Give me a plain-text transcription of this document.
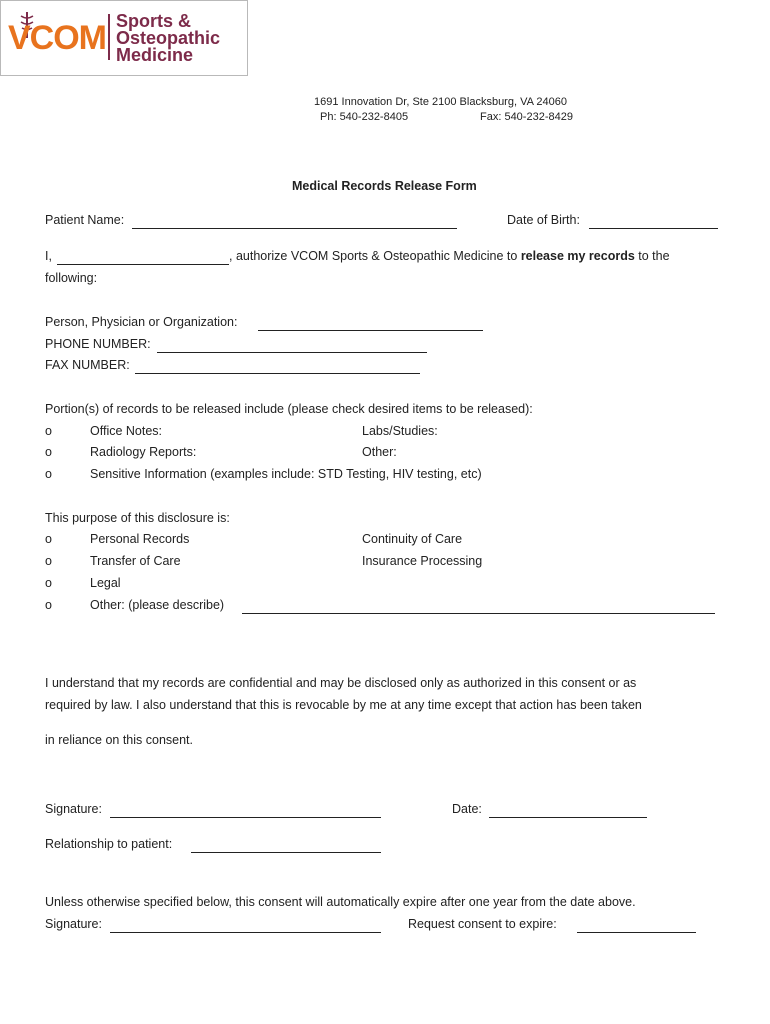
VCOM Sports &
Osteopathic
Medicine
1691 Innovation Dr, Ste 2100 Blacksburg, VA 24060
Ph: 540-232-8405	Fax: 540-232-8429
Medical Records Release Form
Patient Name:	Date of Birth:
I,	, authorize VCOM Sports & Osteopathic Medicine to release my records to the
following:
Person, Physician or Organization:
PHONE NUMBER:
FAX NUMBER:
Portion(s) of records to be released include (please check desired items to be released):
o	Office Notes:	Labs/Studies:
o	Radiology Reports:	Other:
o	Sensitive Information (examples include: STD Testing, HIV testing, etc)
This purpose of this disclosure is:
o	Personal Records	Continuity of Care
o	Transfer of Care	Insurance Processing
o	Legal
o	Other: (please describe)
I understand that my records are confidential and may be disclosed only as authorized in this consent or as
required by law. I also understand that this is revocable by me at any time except that action has been taken
in reliance on this consent.
Signature:	Date:
Relationship to patient:
Unless otherwise specified below, this consent will automatically expire after one year from the date above.
Signature:	Request consent to expire:
